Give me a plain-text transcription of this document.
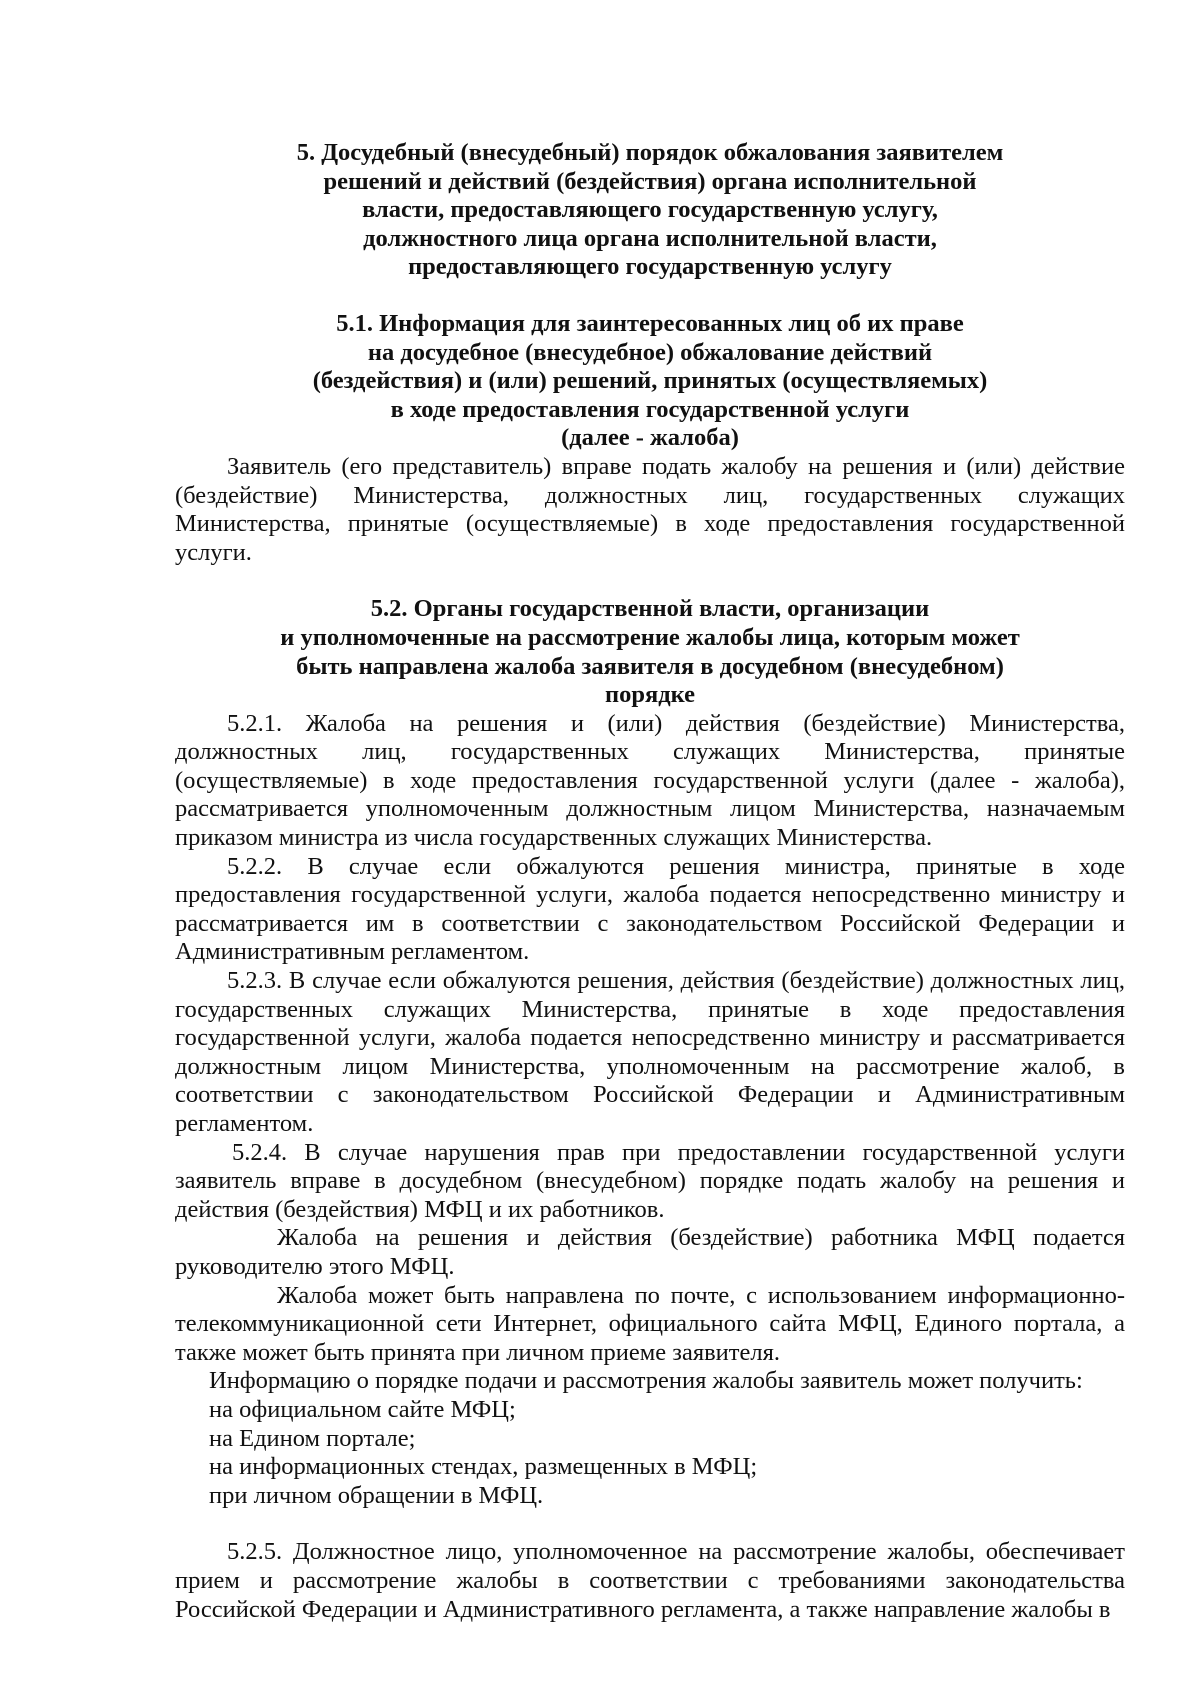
5. Досудебный (внесудебный) порядок обжалования заявителем
решений и действий (бездействия) органа исполнительной
власти, предоставляющего государственную услугу,
должностного лица органа исполнительной власти,
предоставляющего государственную услугу
5.1. Информация для заинтересованных лиц об их праве
на досудебное (внесудебное) обжалование действий
(бездействия) и (или) решений, принятых (осуществляемых)
в ходе предоставления государственной услуги
(далее - жалоба)

Заявитель (его представитель) вправе подать жалобу на решения и (или) действие (бездействие) Министерства, должностных лиц, государственных служащих Министерства, принятые (осуществляемые) в ходе предоставления государственной услуги.

5.2. Органы государственной власти, организации
и уполномоченные на рассмотрение жалобы лица, которым может
быть направлена жалоба заявителя в досудебном (внесудебном)
порядке

5.2.1. Жалоба на решения и (или) действия (бездействие) Министерства, должностных лиц, государственных служащих Министерства, принятые (осуществляемые) в ходе предоставления государственной услуги (далее - жалоба), рассматривается уполномоченным должностным лицом Министерства, назначаемым приказом министра из числа государственных служащих Министерства.

5.2.2. В случае если обжалуются решения министра, принятые в ходе предоставления государственной услуги, жалоба подается непосредственно министру и рассматривается им в соответствии с законодательством Российской Федерации и Административным регламентом.

5.2.3. В случае если обжалуются решения, действия (бездействие) должностных лиц, государственных служащих Министерства, принятые в ходе предоставления государственной услуги, жалоба подается непосредственно министру и рассматривается должностным лицом Министерства, уполномоченным на рассмотрение жалоб, в соответствии с законодательством Российской Федерации и Административным регламентом.

5.2.4. В случае нарушения прав при предоставлении государственной услуги заявитель вправе в досудебном (внесудебном) порядке подать жалобу на решения и действия (бездействия) МФЦ и их работников.

Жалоба на решения и действия (бездействие) работника МФЦ подается руководителю этого МФЦ.

Жалоба может быть направлена по почте, с использованием информационно-телекоммуникационной сети Интернет, официального сайта МФЦ, Единого портала, а также может быть принята при личном приеме заявителя.

Информацию о порядке подачи и рассмотрения жалобы заявитель может получить:

на официальном сайте МФЦ;

на Едином портале;

на информационных стендах, размещенных в МФЦ;

при личном обращении в МФЦ.

5.2.5. Должностное лицо, уполномоченное на рассмотрение жалобы, обеспечивает прием и рассмотрение жалобы в соответствии с требованиями законодательства Российской Федерации и Административного регламента, а также направление жалобы в
